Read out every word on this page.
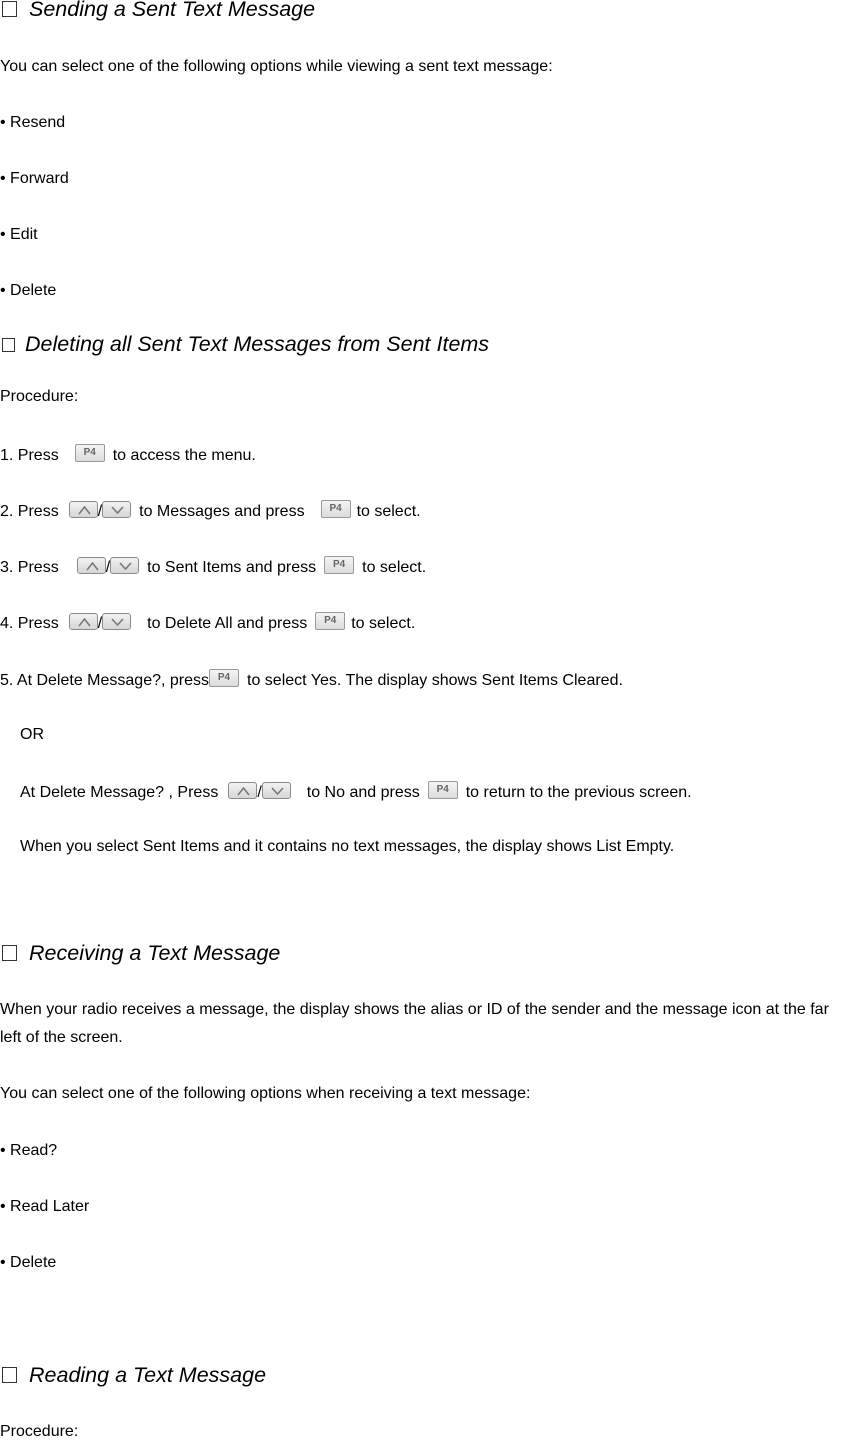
Sending a Sent Text Message
You can select one of the following options while viewing a sent text message:
• Resend
• Forward
• Edit
• Delete
Deleting all Sent Text Messages from Sent Items
Procedure:
1. Press	P4	to access the menu.
2. Press / to Messages and press	P4 to select.
3. Press	/ to Sent Items and press	P4	to select.
4. Press /	to Delete All and press	P4 to select.
5. At Delete Message?, press P4	to select Yes. The display shows Sent Items Cleared.
OR
At Delete Message? , Press /	to No and press	P4	to return to the previous screen.
When you select Sent Items and it contains no text messages, the display shows List Empty.
Receiving a Text Message
When your radio receives a message, the display shows the alias or ID of the sender and the message icon at the far
left of the screen.
You can select one of the following options when receiving a text message:
• Read?
• Read Later
• Delete
Reading a Text Message
Procedure:
